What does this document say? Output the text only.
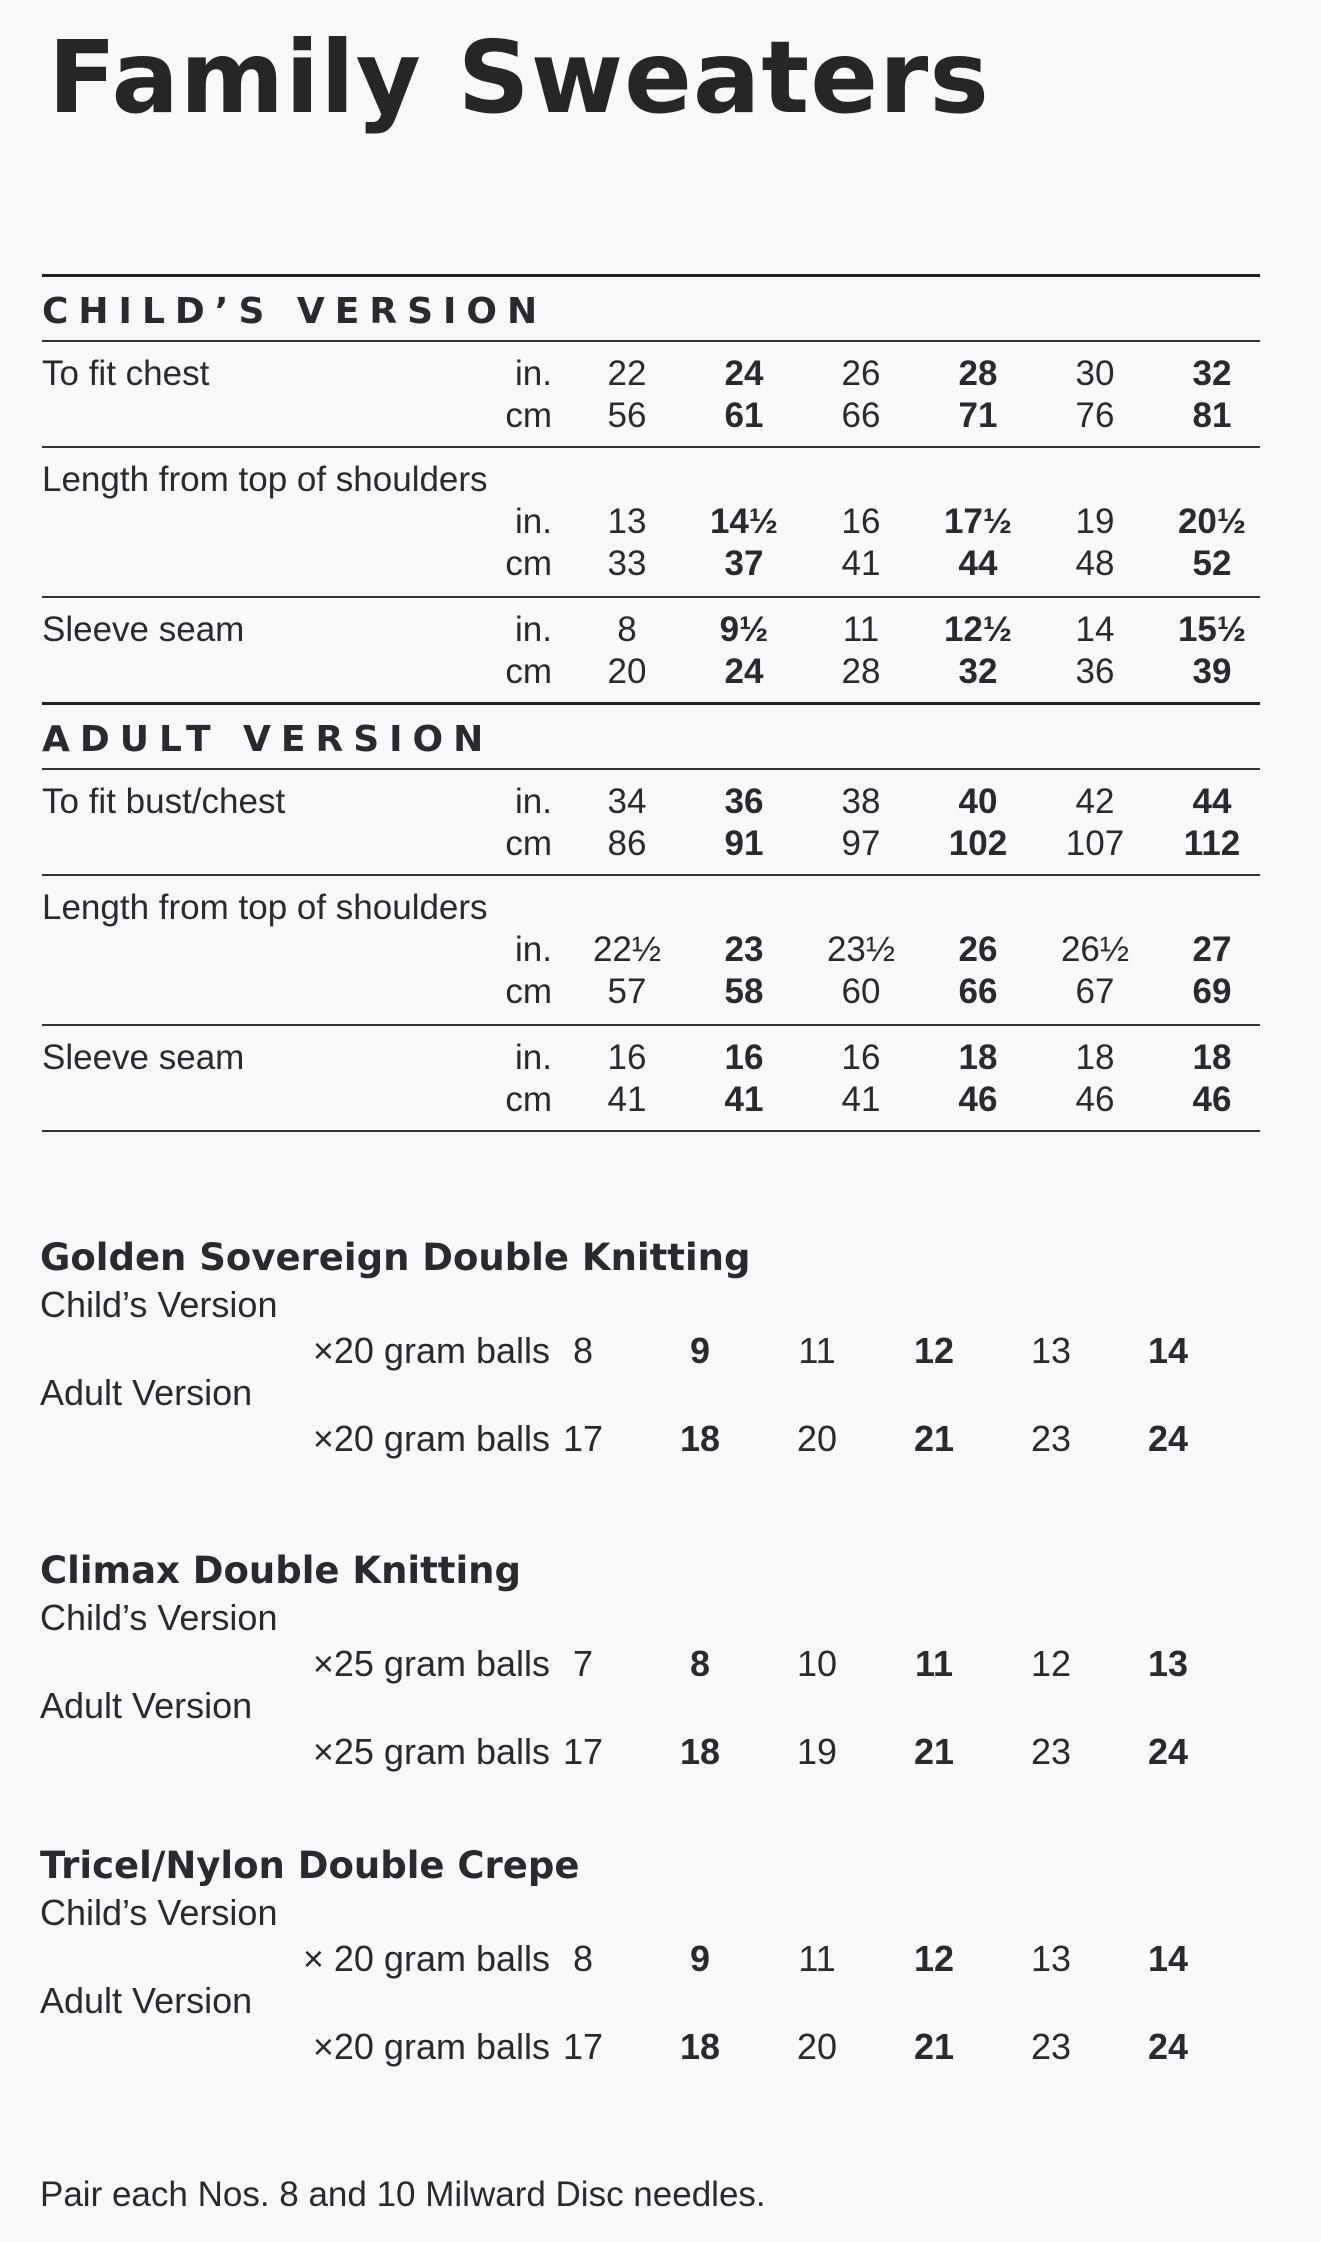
Family Sweaters
CHILD’S VERSION
To fit chest	in.	22	24	26	28	30	32
cm	56	61	66	71	76	81
Length from top of shoulders
in.	13	14½	16	17½	19	20½
cm	33	37	41	44	48	52
Sleeve seam	in.	8	9½	11	12½	14	15½
cm	20	24	28	32	36	39
ADULT VERSION
To fit bust/chest	in.	34	36	38	40	42	44
cm	86	91	97	102	107	112
Length from top of shoulders
in.	22½	23	23½	26	26½	27
cm	57	58	60	66	67	69
Sleeve seam	in.	16	16	16	18	18	18
cm	41	41	41	46	46	46
Golden Sovereign Double Knitting
Child’s Version
×20 gram balls 8	9	11	12	13	14
Adult Version
×20 gram balls 17	18	20	21	23	24
Climax Double Knitting
Child’s Version
×25 gram balls 7	8	10	11	12	13
Adult Version
×25 gram balls 17	18	19	21	23	24
Tricel/Nylon Double Crepe
Child’s Version
× 20 gram balls 8	9	11	12	13	14
Adult Version
×20 gram balls 17	18	20	21	23	24
Pair each Nos. 8 and 10 Milward Disc needles.
